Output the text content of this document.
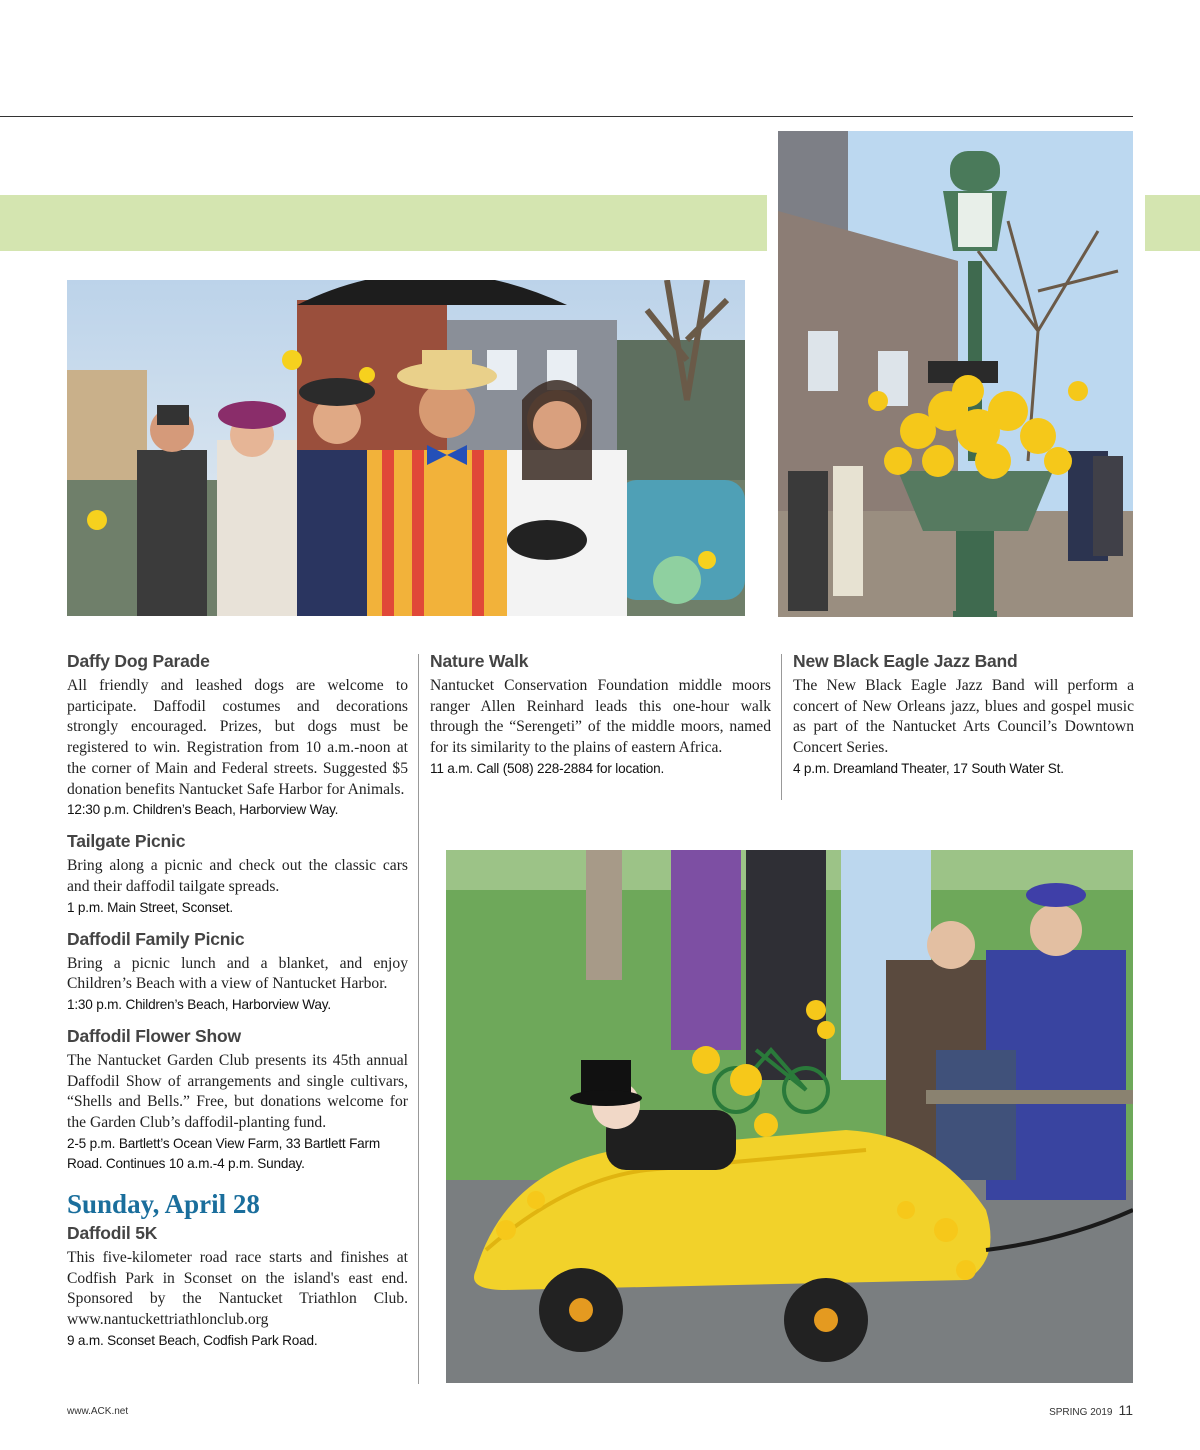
Daffy Dog Parade

All friendly and leashed dogs are welcome to participate. Daffodil costumes and decorations strongly encouraged. Prizes, but dogs must be registered to win. Registration from 10 a.m.-noon at the corner of Main and Federal streets. Suggested $5 donation benefits Nantucket Safe Harbor for Animals.

12:30 p.m. Children’s Beach, Harborview Way.

Tailgate Picnic

Bring along a picnic and check out the classic cars and their daffodil tailgate spreads.

1 p.m. Main Street, Sconset.

Daffodil Family Picnic

Bring a picnic lunch and a blanket, and enjoy Children’s Beach with a view of Nantucket Harbor.

1:30 p.m. Children’s Beach, Harborview Way.

Daffodil Flower Show

The Nantucket Garden Club presents its 45th annual Daffodil Show of arrangements and single cultivars, “Shells and Bells.” Free, but donations welcome for the Garden Club’s daffodil-planting fund.

2-5 p.m. Bartlett’s Ocean View Farm, 33 Bartlett Farm Road. Continues 10 a.m.-4 p.m. Sunday.

Sunday, April 28
Daffodil 5K

This five-kilometer road race starts and finishes at Codfish Park in Sconset on the island's east end. Sponsored by the Nantucket Triathlon Club. www.nantuckettriathlonclub.org

9 a.m. Sconset Beach, Codfish Park Road.

Nature Walk

Nantucket Conservation Foundation middle moors ranger Allen Reinhard leads this one-hour walk through the “Serengeti” of the middle moors, named for its similarity to the plains of eastern Africa.

11 a.m. Call (508) 228-2884 for location.

New Black Eagle Jazz Band

The New Black Eagle Jazz Band will perform a concert of New Orleans jazz, blues and gospel music as part of the Nantucket Arts Council’s Downtown Concert Series.

4 p.m. Dreamland Theater, 17 South Water St.

www.ACK.net	SPRING 2019 11
